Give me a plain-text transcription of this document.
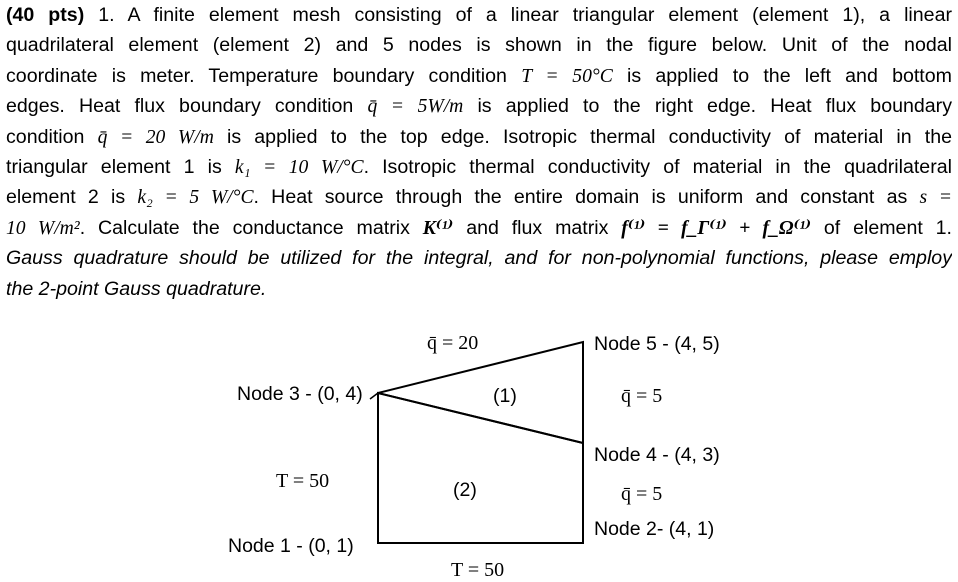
(40 pts) 1. A finite element mesh consisting of a linear triangular element (element 1), a linear
quadrilateral element (element 2) and 5 nodes is shown in the figure below. Unit of the nodal
coordinate is meter. Temperature boundary condition T = 50°C is applied to the left and bottom
edges. Heat flux boundary condition q̄ = 5W/m is applied to the right edge. Heat flux boundary
condition q̄ = 20 W/m is applied to the top edge. Isotropic thermal conductivity of material in the
triangular element 1 is k₁ = 10 W/°C. Isotropic thermal conductivity of material in the quadrilateral
element 2 is k₂ = 5 W/°C. Heat source through the entire domain is uniform and constant as s =
10 W/m². Calculate the conductance matrix K⁽¹⁾ and flux matrix f⁽¹⁾ = f_Γ⁽¹⁾ + f_Ω⁽¹⁾ of element 1.
Gauss quadrature should be utilized for the integral, and for non-polynomial functions, please employ
the 2-point Gauss quadrature.
Node 3 - (0, 4)
Node 5 - (4, 5)
Node 4 - (4, 3)
Node 2- (4, 1)
Node 1 - (0, 1)
(1)
(2)
q̄ = 20
q̄ = 5
q̄ = 5
T = 50
T = 50
